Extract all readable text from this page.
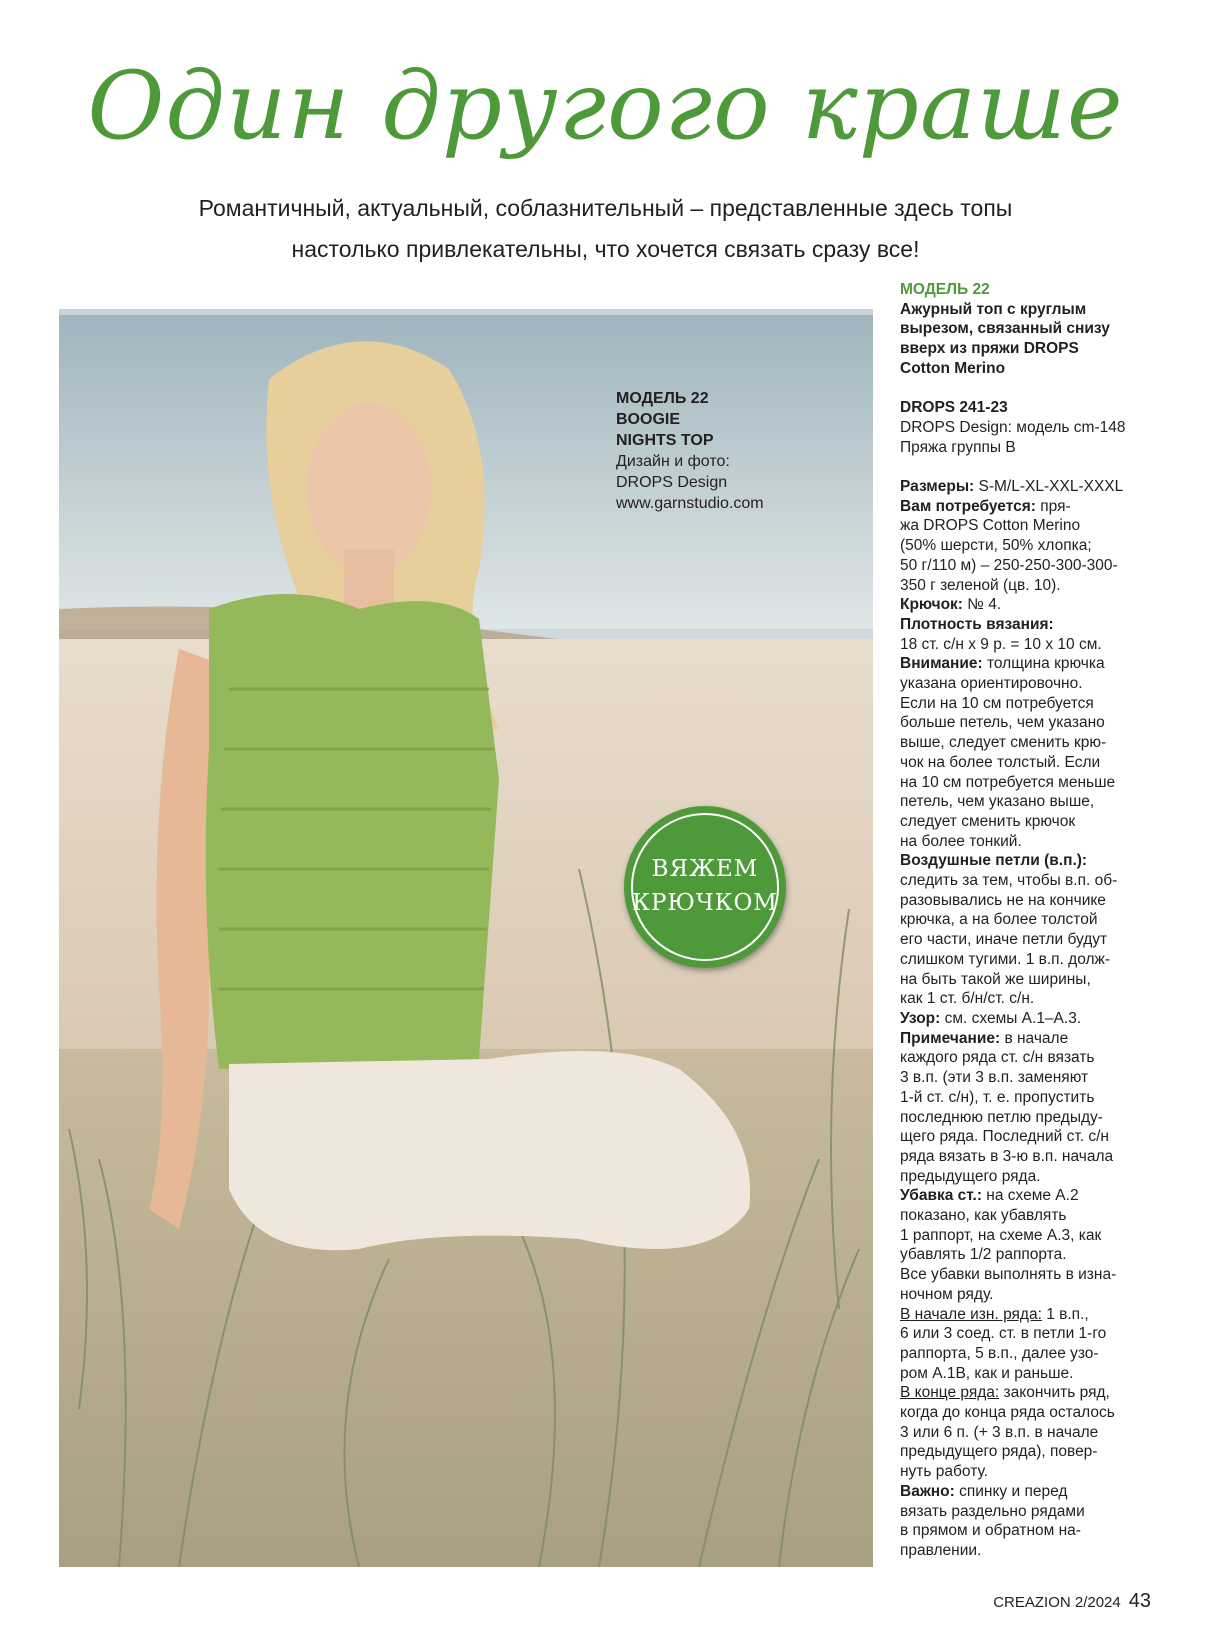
Один другого краше
Романтичный, актуальный, соблазнительный – представленные здесь топы
настолько привлекательны, что хочется связать сразу все!
МОДЕЛЬ 22
BOOGIE
NIGHTS TOP
Дизайн и фото:
DROPS Design
www.garnstudio.com
ВЯЖЕМ
КРЮЧКОМ
МОДЕЛЬ 22
Ажурный топ с круглым
вырезом, связанный снизу
вверх из пряжи DROPS
Cotton Merino
DROPS 241-23
DROPS Design: модель cm-148
Пряжа группы B
Размеры: S-M/L-XL-XXL-XXXL
Вам потребуется: пря-
жа DROPS Cotton Merino
(50% шерсти, 50% хлопка;
50 г/110 м) – 250-250-300-300-
350 г зеленой (цв. 10).
Крючок: № 4.
Плотность вязания:
18 ст. с/н х 9 р. = 10 х 10 см.
Внимание: толщина крючка
указана ориентировочно.
Если на 10 см потребуется
больше петель, чем указано
выше, следует сменить крю-
чок на более толстый. Если
на 10 см потребуется меньше
петель, чем указано выше,
следует сменить крючок
на более тонкий.
Воздушные петли (в.п.):
следить за тем, чтобы в.п. об-
разовывались не на кончике
крючка, а на более толстой
его части, иначе петли будут
слишком тугими. 1 в.п. долж-
на быть такой же ширины,
как 1 ст. б/н/ст. с/н.
Узор: см. схемы А.1–А.3.
Примечание: в начале
каждого ряда ст. с/н вязать
3 в.п. (эти 3 в.п. заменяют
1-й ст. с/н), т. е. пропустить
последнюю петлю предыду-
щего ряда. Последний ст. с/н
ряда вязать в 3-ю в.п. начала
предыдущего ряда.
Убавка ст.: на схеме А.2
показано, как убавлять
1 раппорт, на схеме А.3, как
убавлять 1/2 раппорта.
Все убавки выполнять в изна-
ночном ряду.
В начале изн. ряда: 1 в.п.,
6 или 3 соед. ст. в петли 1-го
раппорта, 5 в.п., далее узо-
ром А.1В, как и раньше.
В конце ряда: закончить ряд,
когда до конца ряда осталось
3 или 6 п. (+ 3 в.п. в начале
предыдущего ряда), повер-
нуть работу.
Важно: спинку и перед
вязать раздельно рядами
в прямом и обратном на-
правлении.
CREAZION 2/2024 43
